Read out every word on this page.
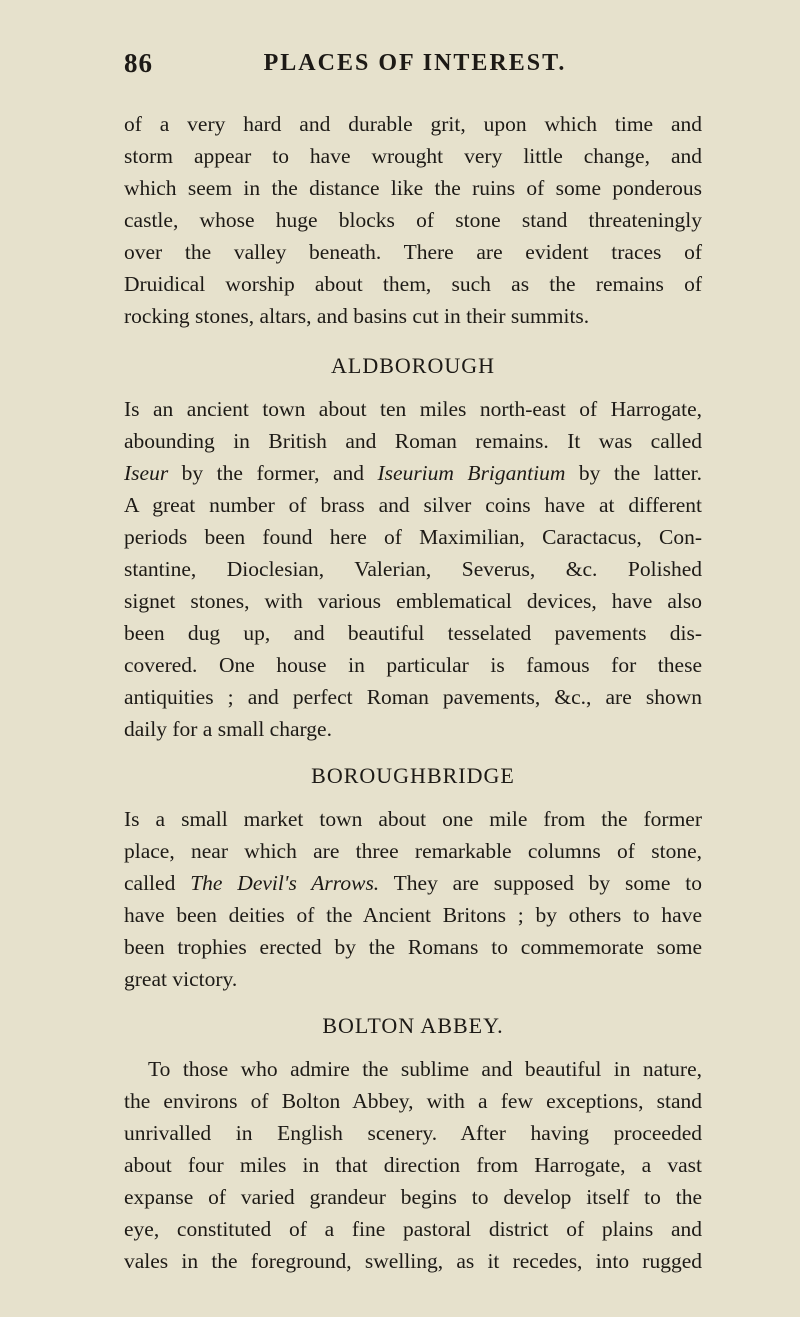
86	PLACES OF INTEREST.
of a very hard and durable grit, upon which time and
storm appear to have wrought very little change, and
which seem in the distance like the ruins of some ponderous
castle, whose huge blocks of stone stand threateningly
over the valley beneath. There are evident traces of
Druidical worship about them, such as the remains of
rocking stones, altars, and basins cut in their summits.
ALDBOROUGH
Is an ancient town about ten miles north-east of Harrogate,
abounding in British and Roman remains. It was called
Iseur by the former, and Iseurium Brigantium by the latter.
A great number of brass and silver coins have at different
periods been found here of Maximilian, Caractacus, Con-
stantine, Dioclesian, Valerian, Severus, &c. Polished
signet stones, with various emblematical devices, have also
been dug up, and beautiful tesselated pavements dis-
covered. One house in particular is famous for these
antiquities ; and perfect Roman pavements, &c., are shown
daily for a small charge.
BOROUGHBRIDGE
Is a small market town about one mile from the former
place, near which are three remarkable columns of stone,
called The Devil's Arrows. They are supposed by some to
have been deities of the Ancient Britons ; by others to have
been trophies erected by the Romans to commemorate some
great victory.
BOLTON ABBEY.
To those who admire the sublime and beautiful in nature,
the environs of Bolton Abbey, with a few exceptions, stand
unrivalled in English scenery. After having proceeded
about four miles in that direction from Harrogate, a vast
expanse of varied grandeur begins to develop itself to the
eye, constituted of a fine pastoral district of plains and
vales in the foreground, swelling, as it recedes, into rugged
